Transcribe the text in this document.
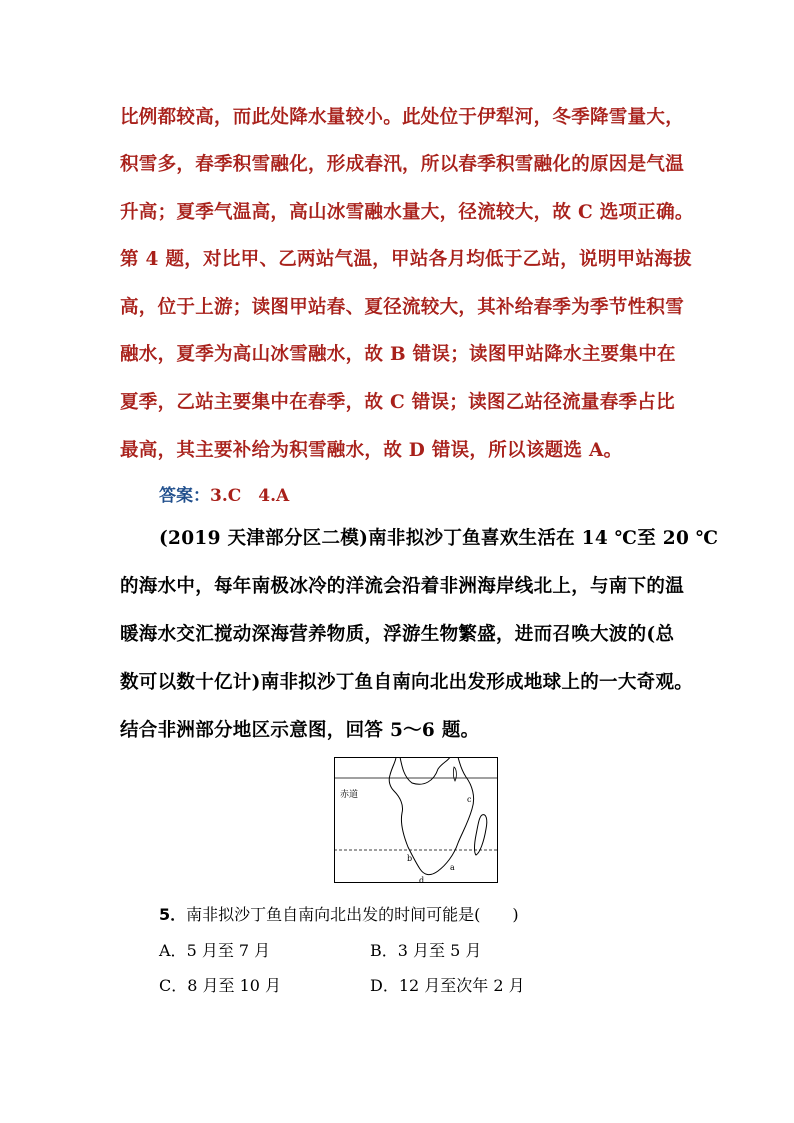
比例都较高，而此处降水量较小。此处位于伊犁河，冬季降雪量大，
积雪多，春季积雪融化，形成春汛，所以春季积雪融化的原因是气温
升高；夏季气温高，高山冰雪融水量大，径流较大，故 C 选项正确。
第 4 题，对比甲、乙两站气温，甲站各月均低于乙站，说明甲站海拔
高，位于上游；读图甲站春、夏径流较大，其补给春季为季节性积雪
融水，夏季为高山冰雪融水，故 B 错误；读图甲站降水主要集中在
夏季，乙站主要集中在春季，故 C 错误；读图乙站径流量春季占比
最高，其主要补给为积雪融水，故 D 错误，所以该题选 A。
答案：3.C　4.A
(2019 天津部分区二模)南非拟沙丁鱼喜欢生活在 14 ℃至 20 ℃
的海水中，每年南极冰冷的洋流会沿着非洲海岸线北上，与南下的温
暖海水交汇搅动深海营养物质，浮游生物繁盛，进而召唤大波的(总
数可以数十亿计)南非拟沙丁鱼自南向北出发形成地球上的一大奇观。
结合非洲部分地区示意图，回答 5～6 题。
赤道	c
b
a
d
5．南非拟沙丁鱼自南向北出发的时间可能是(　　)
A．5 月至 7 月	B．3 月至 5 月
C．8 月至 10 月	D．12 月至次年 2 月
